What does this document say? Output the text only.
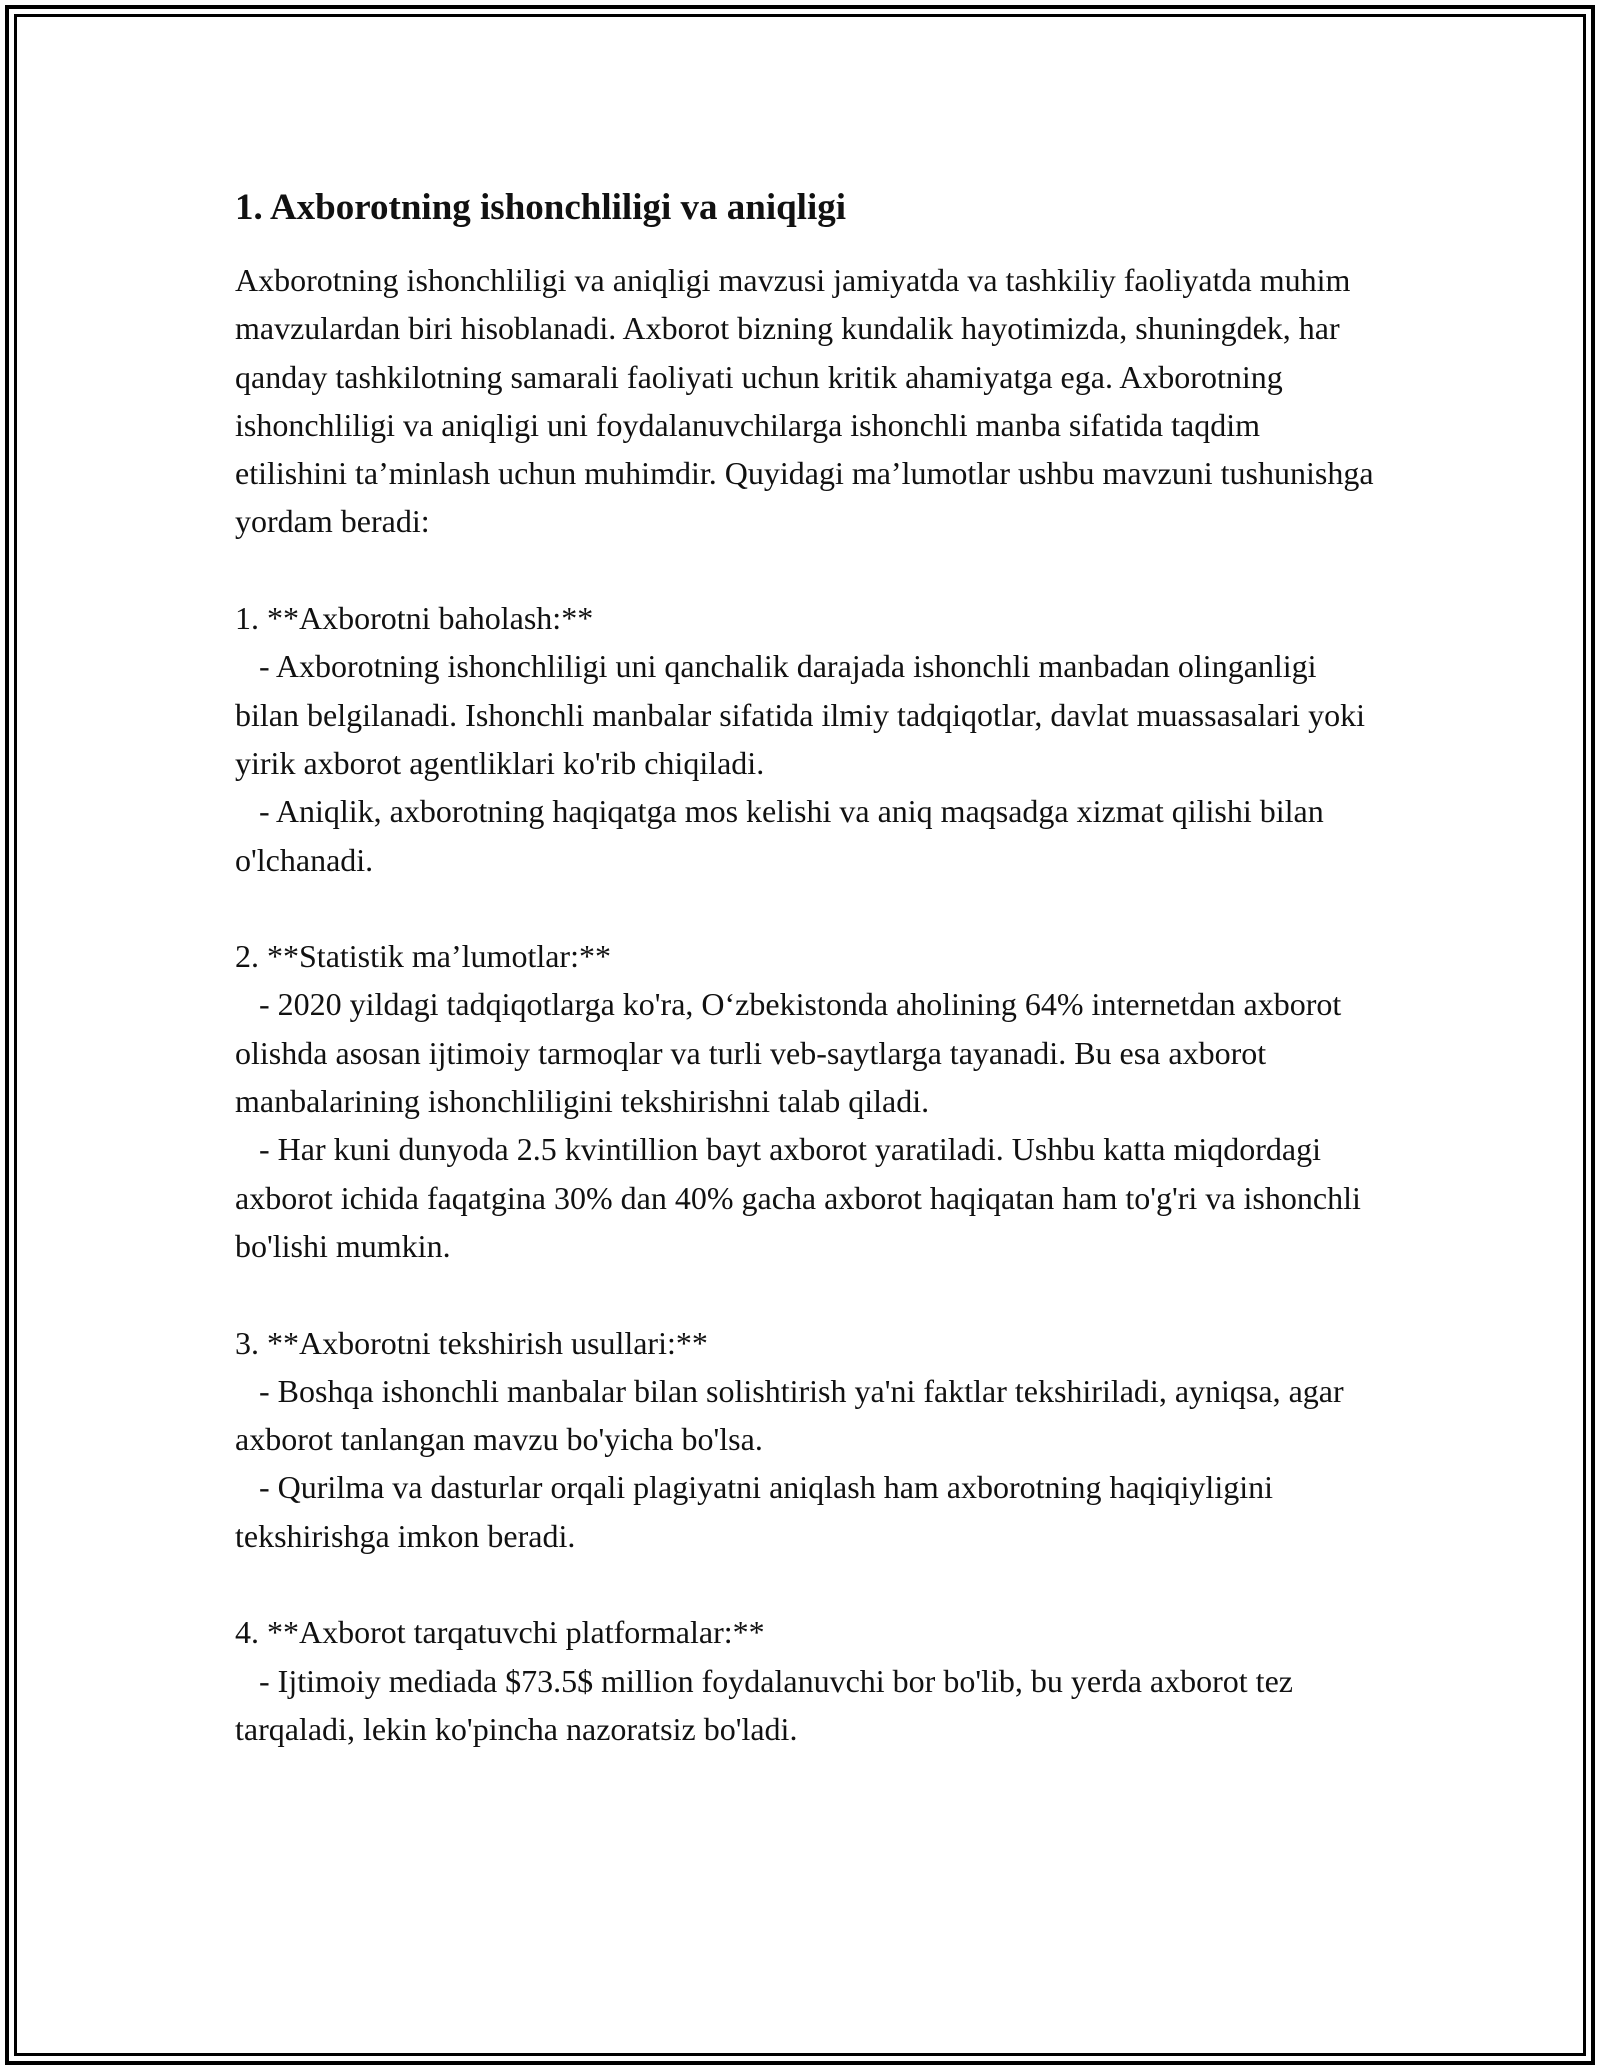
1. Axborotning ishonchliligi va aniqligi

Axborotning ishonchliligi va aniqligi mavzusi jamiyatda va tashkiliy faoliyatda muhim mavzulardan biri hisoblanadi. Axborot bizning kundalik hayotimizda, shuningdek, har qanday tashkilotning samarali faoliyati uchun kritik ahamiyatga ega. Axborotning ishonchliligi va aniqligi uni foydalanuvchilarga ishonchli manba sifatida taqdim etilishini ta’minlash uchun muhimdir. Quyidagi ma’lumotlar ushbu mavzuni tushunishga yordam beradi:

1. **Axborotni baholash:**

- Axborotning ishonchliligi uni qanchalik darajada ishonchli manbadan olinganligi bilan belgilanadi. Ishonchli manbalar sifatida ilmiy tadqiqotlar, davlat muassasalari yoki yirik axborot agentliklari ko'rib chiqiladi.

- Aniqlik, axborotning haqiqatga mos kelishi va aniq maqsadga xizmat qilishi bilan o'lchanadi.

2. **Statistik ma’lumotlar:**

- 2020 yildagi tadqiqotlarga ko'ra, O‘zbekistonda aholining 64% internetdan axborot olishda asosan ijtimoiy tarmoqlar va turli veb-saytlarga tayanadi. Bu esa axborot manbalarining ishonchliligini tekshirishni talab qiladi.

- Har kuni dunyoda 2.5 kvintillion bayt axborot yaratiladi. Ushbu katta miqdordagi axborot ichida faqatgina 30% dan 40% gacha axborot haqiqatan ham to'g'ri va ishonchli bo'lishi mumkin.

3. **Axborotni tekshirish usullari:**

- Boshqa ishonchli manbalar bilan solishtirish ya'ni faktlar tekshiriladi, ayniqsa, agar axborot tanlangan mavzu bo'yicha bo'lsa.

- Qurilma va dasturlar orqali plagiyatni aniqlash ham axborotning haqiqiyligini tekshirishga imkon beradi.

4. **Axborot tarqatuvchi platformalar:**

- Ijtimoiy mediada $73.5$ million foydalanuvchi bor bo'lib, bu yerda axborot tez tarqaladi, lekin ko'pincha nazoratsiz bo'ladi.
